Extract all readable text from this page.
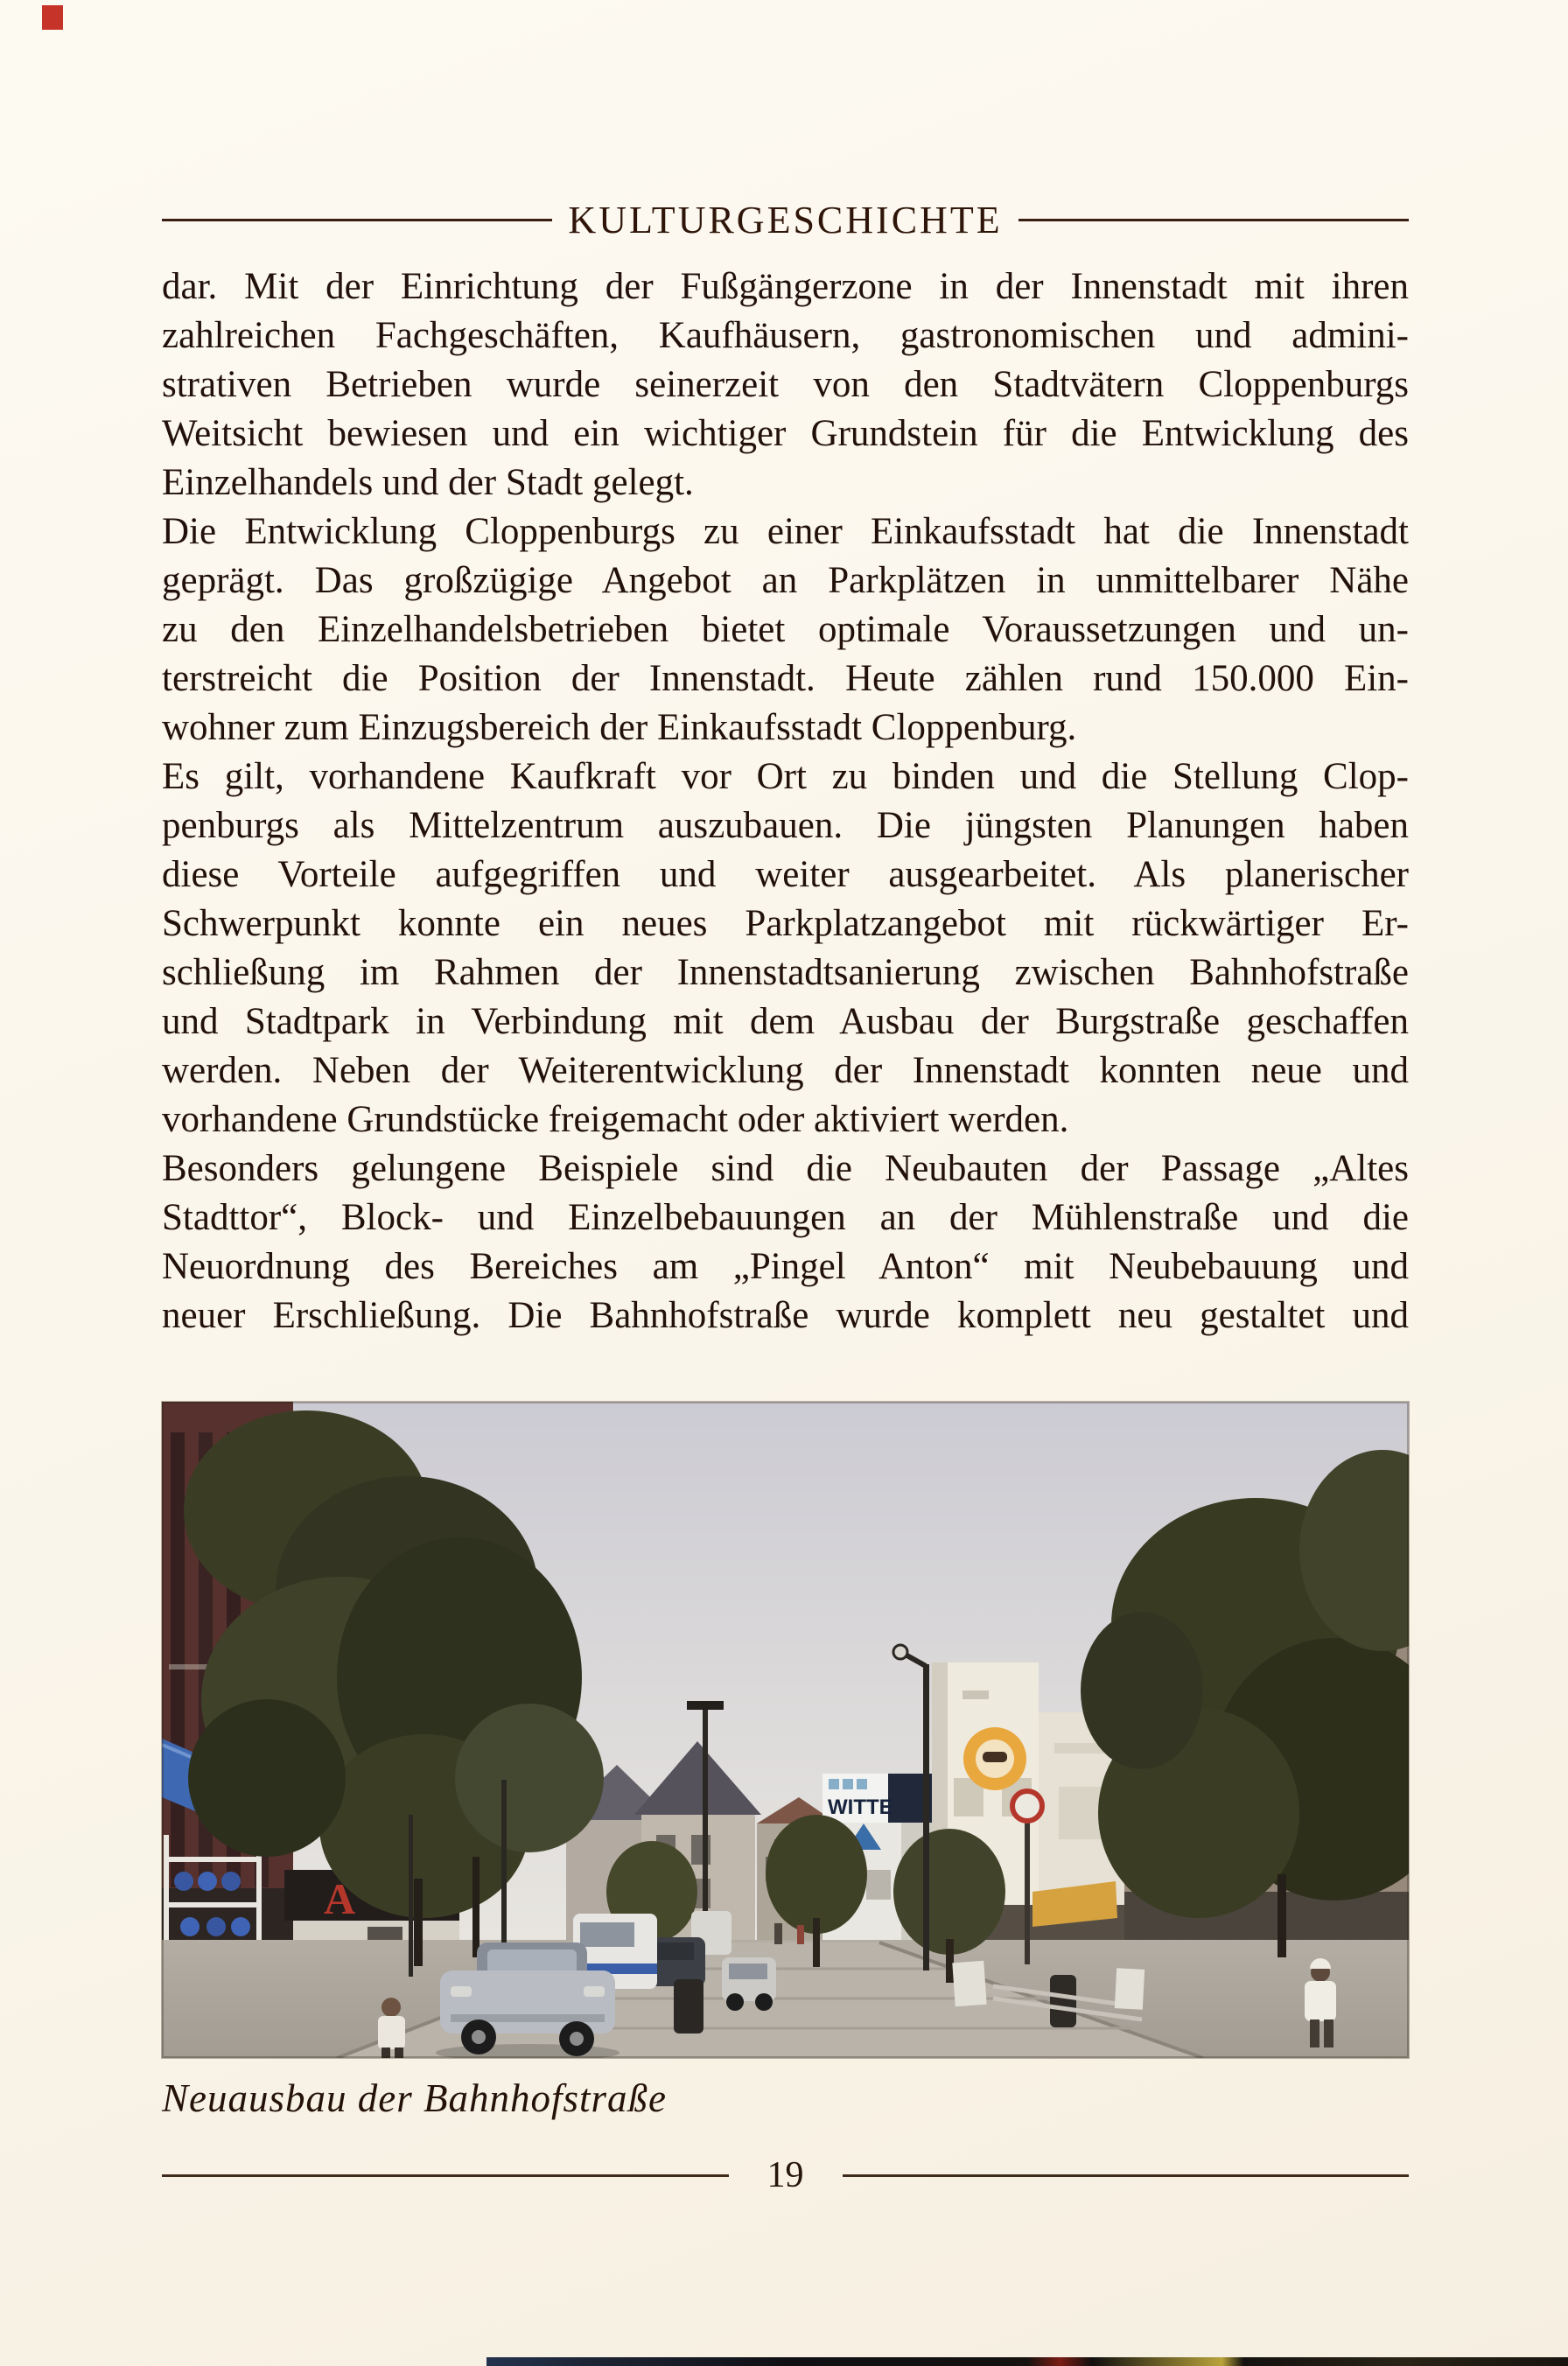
KULTURGESCHICHTE
dar. Mit der Einrichtung der Fußgängerzone in der Innenstadt mit ihren
zahlreichen Fachgeschäften, Kaufhäusern, gastronomischen und admini-
strativen Betrieben wurde seinerzeit von den Stadtvätern Cloppenburgs
Weitsicht bewiesen und ein wichtiger Grundstein für die Entwicklung des
Einzelhandels und der Stadt gelegt.
Die Entwicklung Cloppenburgs zu einer Einkaufsstadt hat die Innenstadt
geprägt. Das großzügige Angebot an Parkplätzen in unmittelbarer Nähe
zu den Einzelhandelsbetrieben bietet optimale Voraussetzungen und un-
terstreicht die Position der Innenstadt. Heute zählen rund 150.000 Ein-
wohner zum Einzugsbereich der Einkaufsstadt Cloppenburg.
Es gilt, vorhandene Kaufkraft vor Ort zu binden und die Stellung Clop-
penburgs als Mittelzentrum auszubauen. Die jüngsten Planungen haben
diese Vorteile aufgegriffen und weiter ausgearbeitet. Als planerischer
Schwerpunkt konnte ein neues Parkplatzangebot mit rückwärtiger Er-
schließung im Rahmen der Innenstadtsanierung zwischen Bahnhofstraße
und Stadtpark in Verbindung mit dem Ausbau der Burgstraße geschaffen
werden. Neben der Weiterentwicklung der Innenstadt konnten neue und
vorhandene Grundstücke freigemacht oder aktiviert werden.
Besonders gelungene Beispiele sind die Neubauten der Passage „Altes
Stadttor“, Block- und Einzelbebauungen an der Mühlenstraße und die
Neuordnung des Bereiches am „Pingel Anton“ mit Neubebauung und
neuer Erschließung. Die Bahnhofstraße wurde komplett neu gestaltet und
WITTE
A
Neuausbau der Bahnhofstraße
19
